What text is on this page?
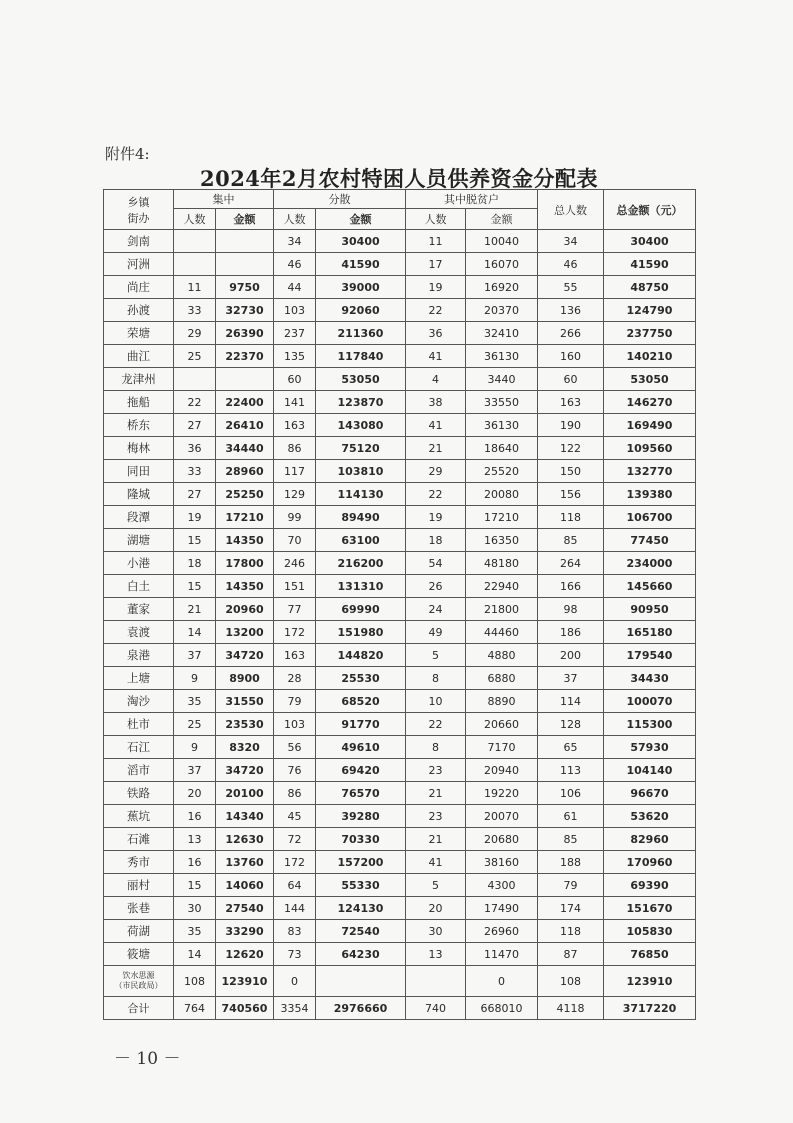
附件4:
2024年2月农村特困人员供养资金分配表
乡镇
街办	集中		分散		其中脱贫户		总人数	总金额（元）
	人数	金额	人数	金额	人数	金额		
剑南			34	30400	11	10040	34	30400
河洲			46	41590	17	16070	46	41590
尚庄	11	9750	44	39000	19	16920	55	48750
孙渡	33	32730	103	92060	22	20370	136	124790
荣塘	29	26390	237	211360	36	32410	266	237750
曲江	25	22370	135	117840	41	36130	160	140210
龙津州			60	53050	4	3440	60	53050
拖船	22	22400	141	123870	38	33550	163	146270
桥东	27	26410	163	143080	41	36130	190	169490
梅林	36	34440	86	75120	21	18640	122	109560
同田	33	28960	117	103810	29	25520	150	132770
隆城	27	25250	129	114130	22	20080	156	139380
段潭	19	17210	99	89490	19	17210	118	106700
湖塘	15	14350	70	63100	18	16350	85	77450
小港	18	17800	246	216200	54	48180	264	234000
白土	15	14350	151	131310	26	22940	166	145660
董家	21	20960	77	69990	24	21800	98	90950
袁渡	14	13200	172	151980	49	44460	186	165180
泉港	37	34720	163	144820	5	4880	200	179540
上塘	9	8900	28	25530	8	6880	37	34430
淘沙	35	31550	79	68520	10	8890	114	100070
杜市	25	23530	103	91770	22	20660	128	115300
石江	9	8320	56	49610	8	7170	65	57930
滔市	37	34720	76	69420	23	20940	113	104140
铁路	20	20100	86	76570	21	19220	106	96670
蕉坑	16	14340	45	39280	23	20070	61	53620
石滩	13	12630	72	70330	21	20680	85	82960
秀市	16	13760	172	157200	41	38160	188	170960
丽村	15	14060	64	55330	5	4300	79	69390
张巷	30	27540	144	124130	20	17490	174	151670
荷湖	35	33290	83	72540	30	26960	118	105830
筱塘	14	12620	73	64230	13	11470	87	76850

饮水思源
（市民政局）	108	123910	0			0	108	123910
合计	764	740560	3354	2976660	740	668010	4118	3717220
－ 10 －
